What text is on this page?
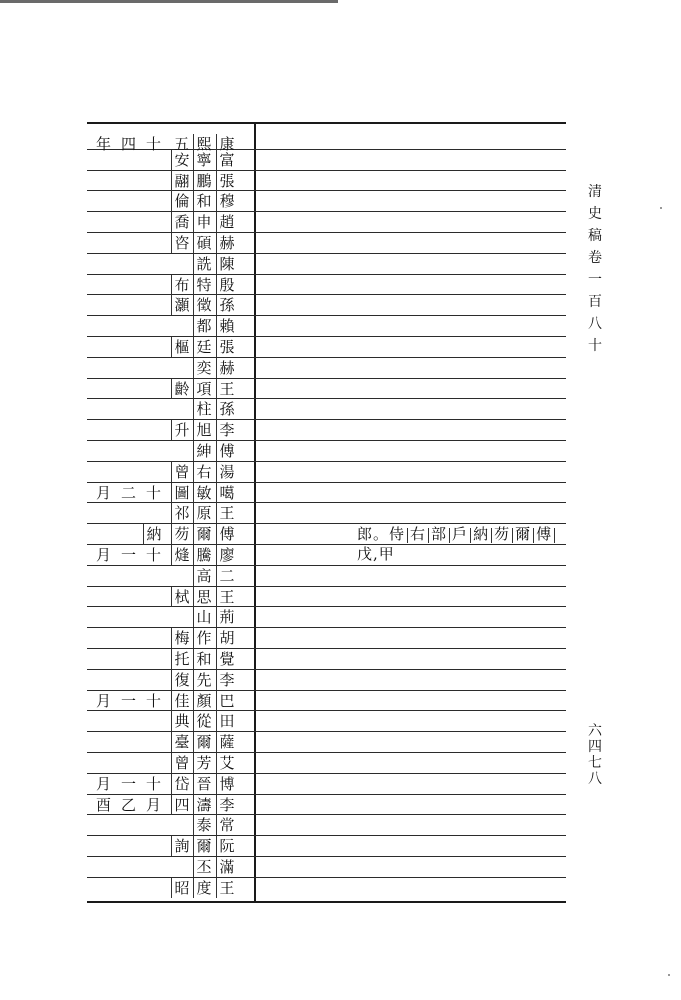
年 四 十 五 熙 康
安 寧 富
翮 鵬 張
倫 和 穆
喬 申 趙
咨 碩 赫
詵 陳
布 特 殷
灝 徵 孫
都 賴
樞 廷 張
奕 赫
齡 項 王
柱 孫
升 旭 李
紳 傅
曾 右 湯
月 二 十 圖 敏 噶
祁 原 王
納 芴 爾 傅	郎。侍 右 部 戶 納 芴 爾 傅戊,甲
月 一 十 熢 騰 廖
高 二
栻 思 王
山 荊
梅 作 胡
托 和 覺
復 先 李
月 一 十 佳 顏 巴
典 從 田
臺 爾 薩
曾 芳 艾
月 一 十 岱 晉 博
酉 乙 月 四 濤 李
泰 常
詢 爾 阮
丕 滿
昭 度 王
清
史
稿
卷
一
百
八
十
六
四
七
八
